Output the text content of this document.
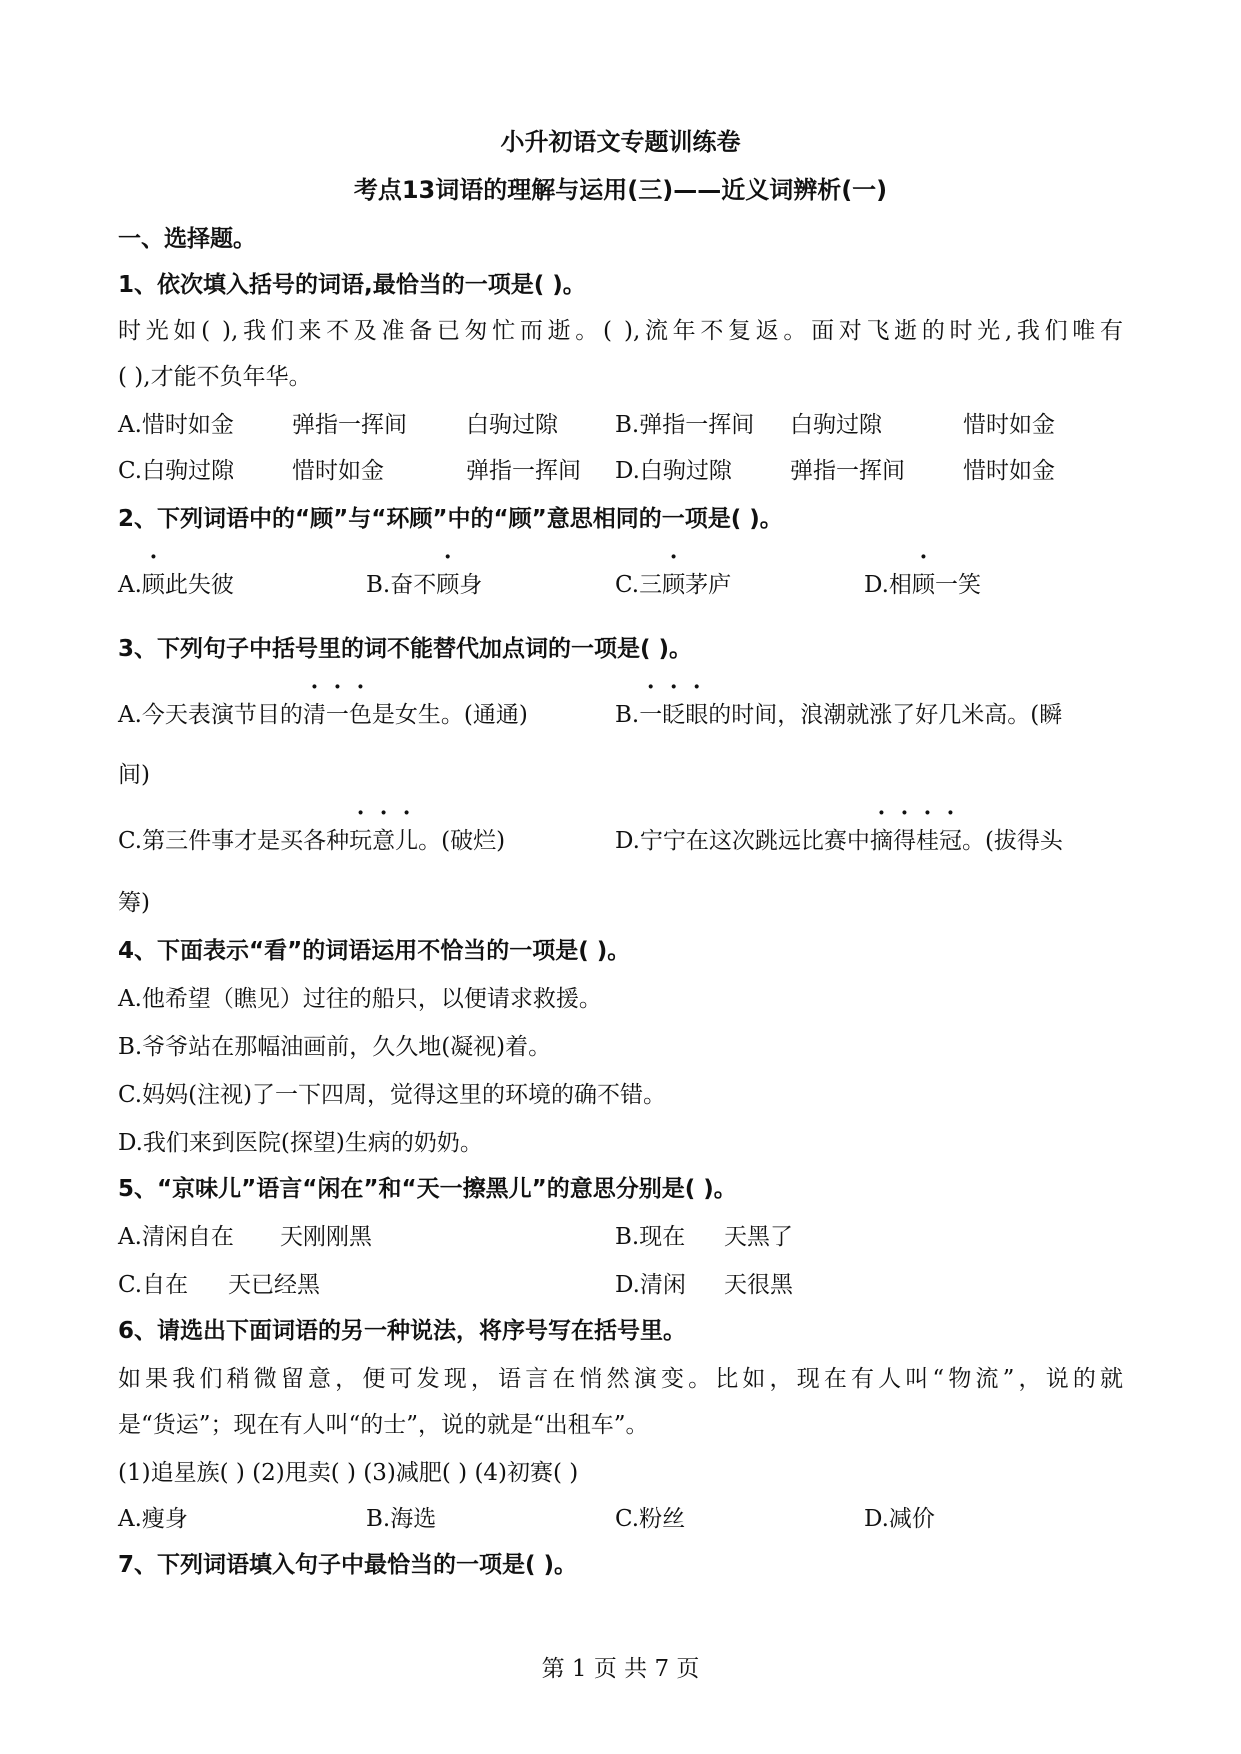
小升初语文专题训练卷
考点13词语的理解与运用(三)——近义词辨析(一)
一、选择题。
1、依次填入括号的词语,最恰当的一项是( )。
时光如( ),我们来不及准备已匆忙而逝。( ),流年不复返。面对飞逝的时光,我们唯有
( ),才能不负年华。
A.惜时如金	弹指一挥间	白驹过隙 B.弹指一挥间 白驹过隙	惜时如金
C.白驹过隙	惜时如金	弹指一挥间 D.白驹过隙	弹指一挥间	惜时如金
2、下列词语中的“顾”与“环顾”中的“顾”意思相同的一项是( )。
A.顾此失彼	B.奋不顾身	C.三顾茅庐	D.相顾一笑
3、下列句子中括号里的词不能替代加点词的一项是( )。
A.今天表演节目的清一色是女生。(通通)	B.一眨眼的时间，浪潮就涨了好几米高。(瞬
间)
C.第三件事才是买各种玩意儿。(破烂)	D.宁宁在这次跳远比赛中摘得桂冠。(拔得头
筹)
4、下面表示“看”的词语运用不恰当的一项是( )。
A.他希望（瞧见）过往的船只，以便请求救援。
B.爷爷站在那幅油画前，久久地(凝视)着。
C.妈妈(注视)了一下四周，觉得这里的环境的确不错。
D.我们来到医院(探望)生病的奶奶。
5、“京味儿”语言“闲在”和“天一擦黑儿”的意思分别是( )。
A.清闲自在 天刚刚黑	B.现在 天黑了
C.自在 天已经黑	D.清闲 天很黑
6、请选出下面词语的另一种说法，将序号写在括号里。
如果我们稍微留意，便可发现，语言在悄然演变。比如，现在有人叫“物流”，说的就
是“货运”；现在有人叫“的士”，说的就是“出租车”。
(1)追星族( ) (2)甩卖( ) (3)减肥( ) (4)初赛( )
A.瘦身	B.海选	C.粉丝	D.减价
7、下列词语填入句子中最恰当的一项是( )。
第 1 页 共 7 页
